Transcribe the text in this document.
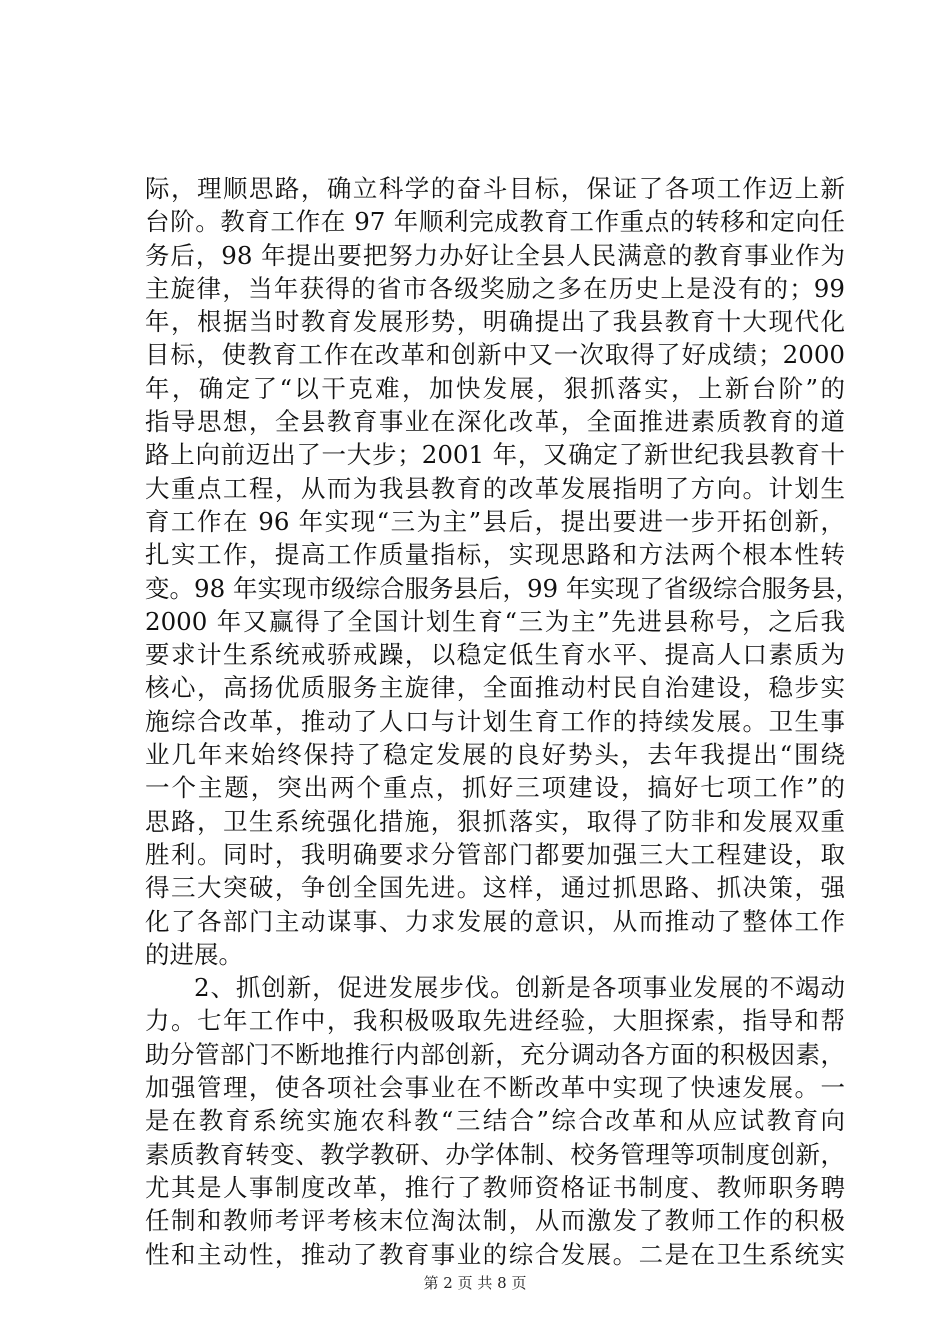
际，理顺思路，确立科学的奋斗目标，保证了各项工作迈上新
台阶。教育工作在 97 年顺利完成教育工作重点的转移和定向任
务后，98 年提出要把努力办好让全县人民满意的教育事业作为
主旋律，当年获得的省市各级奖励之多在历史上是没有的；99
年，根据当时教育发展形势，明确提出了我县教育十大现代化
目标，使教育工作在改革和创新中又一次取得了好成绩；2000
年，确定了“以干克难，加快发展，狠抓落实，上新台阶”的
指导思想，全县教育事业在深化改革，全面推进素质教育的道
路上向前迈出了一大步；2001 年，又确定了新世纪我县教育十
大重点工程，从而为我县教育的改革发展指明了方向。计划生
育工作在 96 年实现“三为主”县后，提出要进一步开拓创新，
扎实工作，提高工作质量指标，实现思路和方法两个根本性转
变。98 年实现市级综合服务县后，99 年实现了省级综合服务县，
2000 年又赢得了全国计划生育“三为主”先进县称号，之后我
要求计生系统戒骄戒躁，以稳定低生育水平、提高人口素质为
核心，高扬优质服务主旋律，全面推动村民自治建设，稳步实
施综合改革，推动了人口与计划生育工作的持续发展。卫生事
业几年来始终保持了稳定发展的良好势头，去年我提出“围绕
一个主题，突出两个重点，抓好三项建设，搞好七项工作”的
思路，卫生系统强化措施，狠抓落实，取得了防非和发展双重
胜利。同时，我明确要求分管部门都要加强三大工程建设，取
得三大突破，争创全国先进。这样，通过抓思路、抓决策，强
化了各部门主动谋事、力求发展的意识，从而推动了整体工作
的进展。
2、抓创新，促进发展步伐。创新是各项事业发展的不竭动
力。七年工作中，我积极吸取先进经验，大胆探索，指导和帮
助分管部门不断地推行内部创新，充分调动各方面的积极因素，
加强管理，使各项社会事业在不断改革中实现了快速发展。一
是在教育系统实施农科教“三结合”综合改革和从应试教育向
素质教育转变、教学教研、办学体制、校务管理等项制度创新，
尤其是人事制度改革，推行了教师资格证书制度、教师职务聘
任制和教师考评考核末位淘汰制，从而激发了教师工作的积极
性和主动性，推动了教育事业的综合发展。二是在卫生系统实
第 2 页 共 8 页
